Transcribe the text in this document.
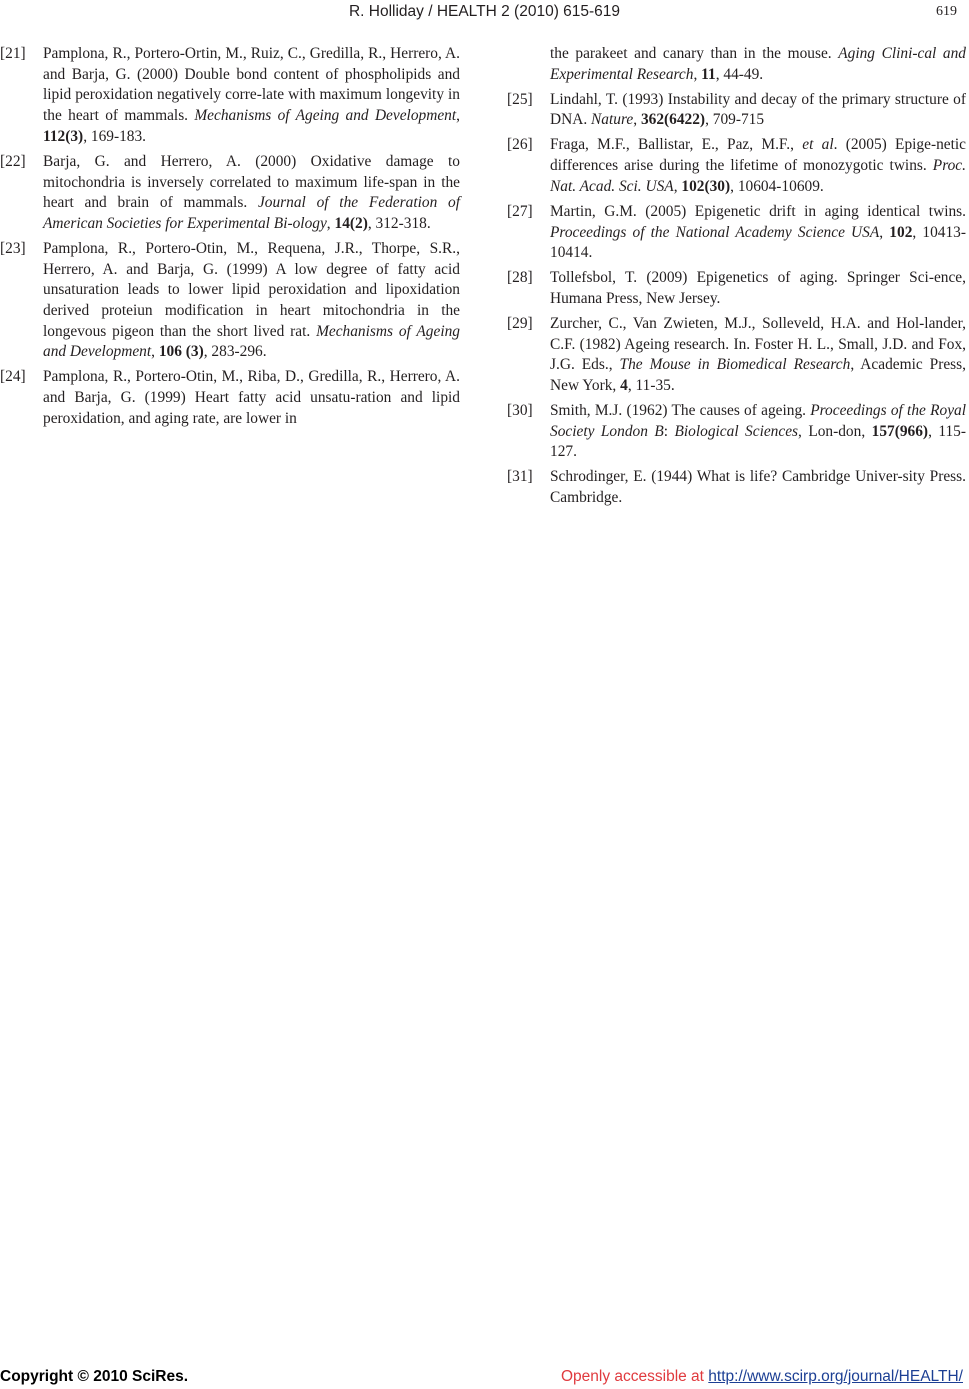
R. Holliday / HEALTH 2 (2010) 615-619	619
[21]	Pamplona, R., Portero-Ortin, M., Ruiz, C., Gredilla, R., Herrero, A. and Barja, G. (2000) Double bond content of phospholipids and lipid peroxidation negatively corre-late with maximum longevity in the heart of mammals. Mechanisms of Ageing and Development, 112(3), 169-183.

[22]	Barja, G. and Herrero, A. (2000) Oxidative damage to mitochondria is inversely correlated to maximum life-span in the heart and brain of mammals. Journal of the Federation of American Societies for Experimental Bi-ology, 14(2), 312-318.

[23]	Pamplona, R., Portero-Otin, M., Requena, J.R., Thorpe, S.R., Herrero, A. and Barja, G. (1999) A low degree of fatty acid unsaturation leads to lower lipid peroxidation and lipoxidation derived proteiun modification in heart mitochondria in the longevous pigeon than the short lived rat. Mechanisms of Ageing and Development, 106 (3), 283-296.

[24]	Pamplona, R., Portero-Otin, M., Riba, D., Gredilla, R., Herrero, A. and Barja, G. (1999) Heart fatty acid unsatu-ration and lipid peroxidation, and aging rate, are lower in

the parakeet and canary than in the mouse. Aging Clini-cal and Experimental Research, 11, 44-49.
[25]	Lindahl, T. (1993) Instability and decay of the primary structure of DNA. Nature, 362(6422), 709-715

[26]	Fraga, M.F., Ballistar, E., Paz, M.F., et al. (2005) Epige-netic differences arise during the lifetime of monozygotic twins. Proc. Nat. Acad. Sci. USA, 102(30), 10604-10609.

[27]	Martin, G.M. (2005) Epigenetic drift in aging identical twins. Proceedings of the National Academy Science USA, 102, 10413-10414.

[28]	Tollefsbol, T. (2009) Epigenetics of aging. Springer Sci-ence, Humana Press, New Jersey.

[29]	Zurcher, C., Van Zwieten, M.J., Solleveld, H.A. and Hol-lander, C.F. (1982) Ageing research. In. Foster H. L., Small, J.D. and Fox, J.G. Eds., The Mouse in Biomedical Research, Academic Press, New York, 4, 11-35.

[30]	Smith, M.J. (1962) The causes of ageing. Proceedings of the Royal Society London B: Biological Sciences, Lon-don, 157(966), 115-127.

[31]	Schrodinger, E. (1944) What is life? Cambridge Univer-sity Press. Cambridge.

Copyright © 2010 SciRes.	Openly accessible at http://www.scirp.org/journal/HEALTH/
